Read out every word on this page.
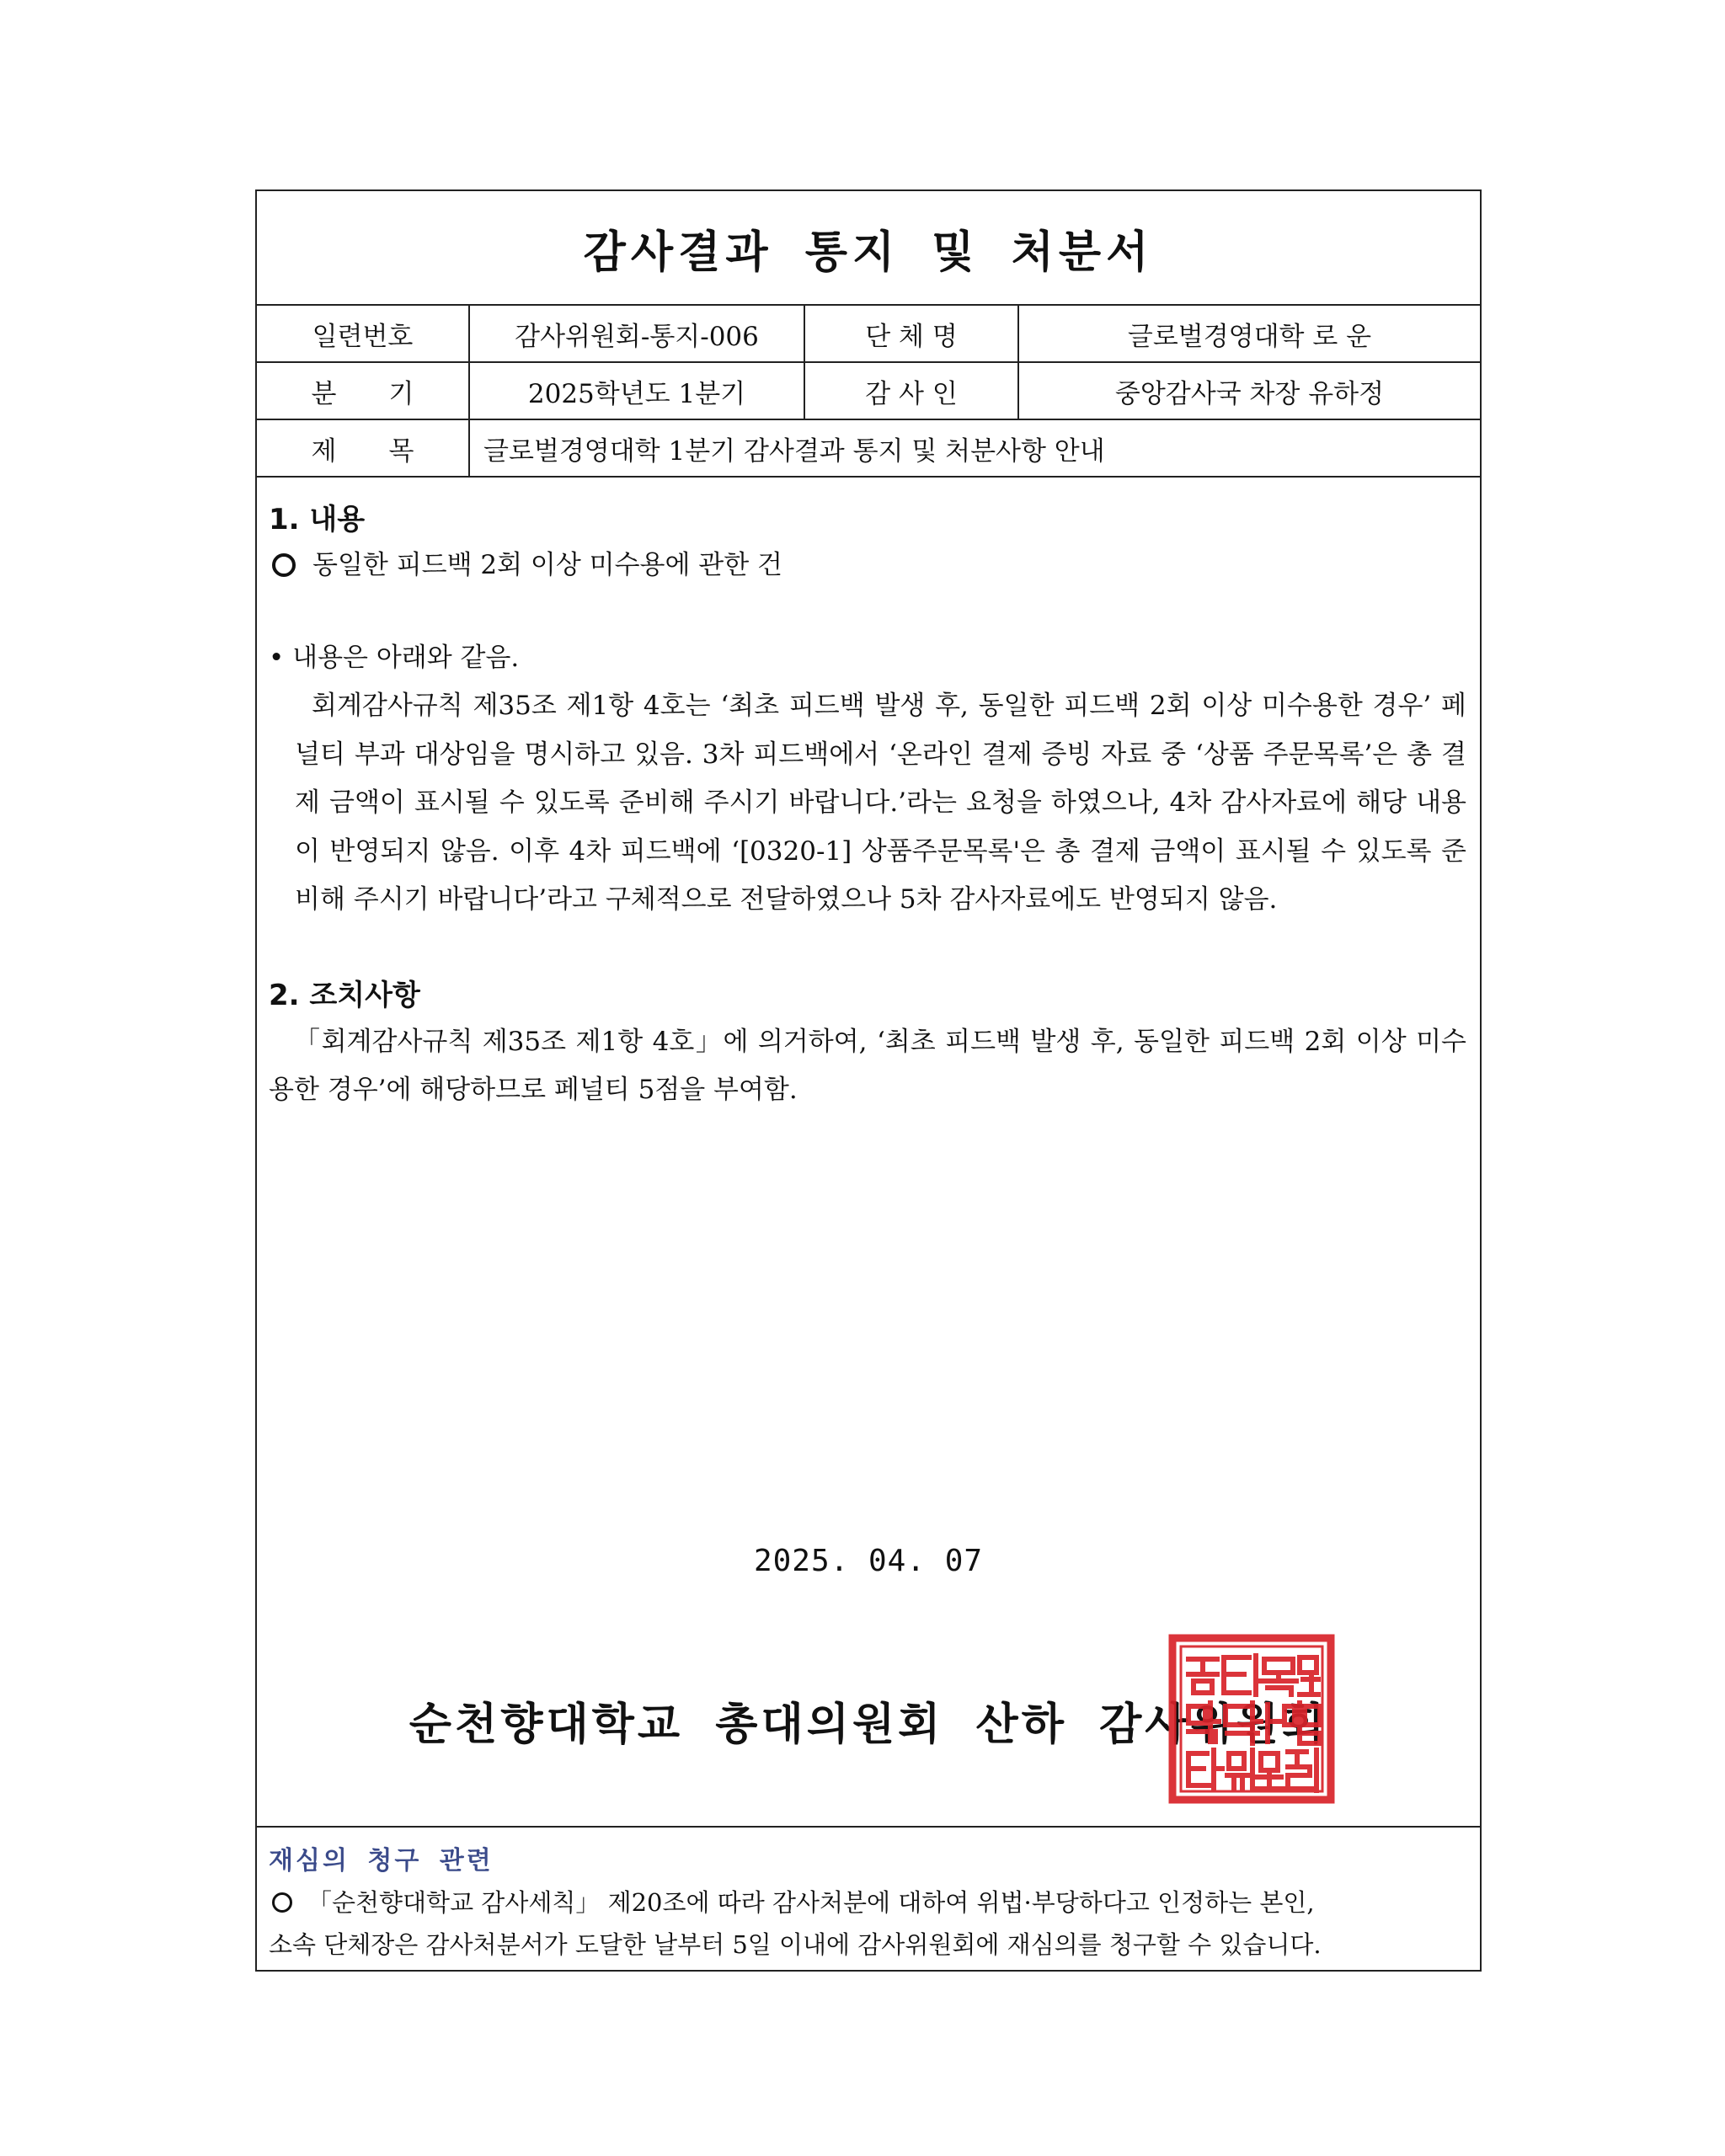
감사결과 통지 및 처분서
일련번호	감사위원회-통지-006	단 체 명	글로벌경영대학 로 운
분　　기	2025학년도 1분기	감 사 인	중앙감사국 차장 유하정
제　　목	글로벌경영대학 1분기 감사결과 통지 및 처분사항 안내		
1. 내용
동일한 피드백 2회 이상 미수용에 관한 건
• 내용은 아래와 같음.
회계감사규칙 제35조 제1항 4호는 ‘최초 피드백 발생 후, 동일한 피드백 2회 이상 미수용한 경우’ 페널티 부과 대상임을 명시하고 있음. 3차 피드백에서 ‘온라인 결제 증빙 자료 중 ‘상품 주문목록’은 총 결제 금액이 표시될 수 있도록 준비해 주시기 바랍니다.’라는 요청을 하였으나, 4차 감사자료에 해당 내용이 반영되지 않음. 이후 4차 피드백에 ‘[0320-1] 상품주문목록'은 총 결제 금액이 표시될 수 있도록 준비해 주시기 바랍니다’라고 구체적으로 전달하였으나 5차 감사자료에도 반영되지 않음.
2. 조치사항
「회계감사규칙 제35조 제1항 4호」에 의거하여, ‘최초 피드백 발생 후, 동일한 피드백 2회 이상 미수용한 경우’에 해당하므로 페널티 5점을 부여함.
2025. 04. 07
순천향대학교 총대의원회 산하 감사위원회
재심의 청구 관련
「순천향대학교 감사세칙」 제20조에 따라 감사처분에 대하여 위법·부당하다고 인정하는 본인,
소속 단체장은 감사처분서가 도달한 날부터 5일 이내에 감사위원회에 재심의를 청구할 수 있습니다.
